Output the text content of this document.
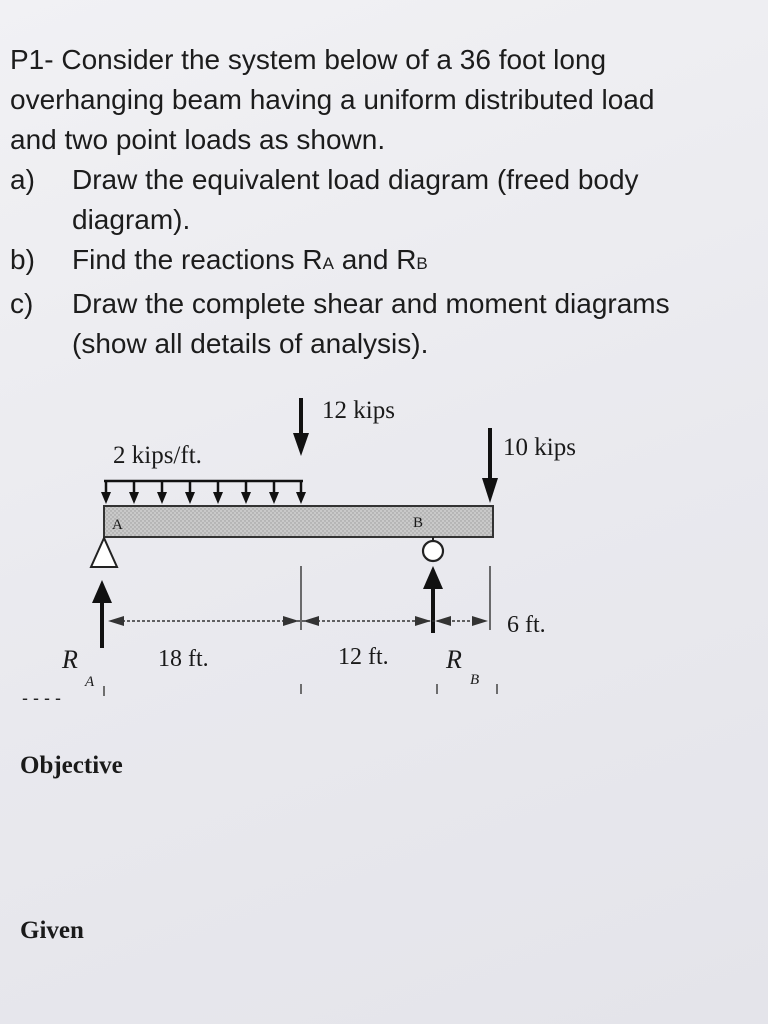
P1- Consider the system below of a 36 foot long
overhanging beam having a uniform distributed load
and two point loads as shown.
a)	Draw the equivalent load diagram (freed body
diagram).
b)	Find the reactions RA and RB
c)	Draw the complete shear and moment diagrams
(show all details of analysis).
12 kips
10 kips
2 kips/ft.
A	B
6 ft.
18 ft.	12 ft.
R
A
R
B
- - - -
Objective
Given
